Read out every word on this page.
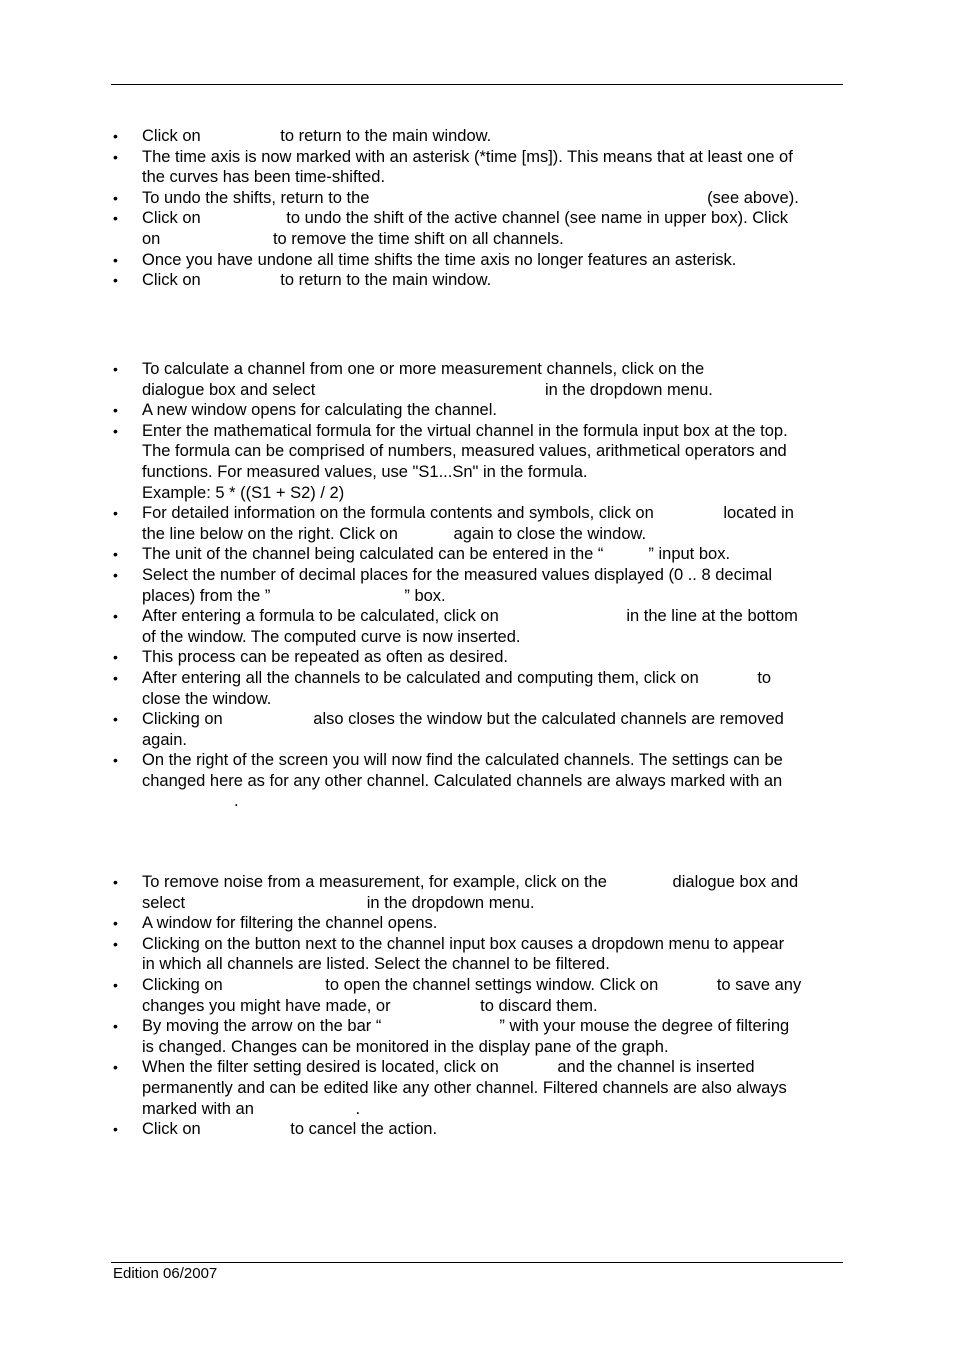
• Click on	to return to the main window.

• The time axis is now marked with an asterisk (*time [ms]). This means that at least one of

the curves has been time-shifted.

• To undo the shifts, return to the	(see above).

• Click on	to undo the shift of the active channel (see name in upper box). Click

on	to remove the time shift on all channels.

• Once you have undone all time shifts the time axis no longer features an asterisk.

• Click on	to return to the main window.

• To calculate a channel from one or more measurement channels, click on the

dialogue box and select	in the dropdown menu.

• A new window opens for calculating the channel.

• Enter the mathematical formula for the virtual channel in the formula input box at the top.

The formula can be comprised of numbers, measured values, arithmetical operators and

functions. For measured values, use "S1...Sn" in the formula.

Example: 5 * ((S1 + S2) / 2)

• For detailed information on the formula contents and symbols, click on	located in

the line below on the right. Click on	again to close the window.

• The unit of the channel being calculated can be entered in the “	” input box.

• Select the number of decimal places for the measured values displayed (0 .. 8 decimal

places) from the ”	” box.

• After entering a formula to be calculated, click on	in the line at the bottom

of the window. The computed curve is now inserted.

• This process can be repeated as often as desired.

• After entering all the channels to be calculated and computing them, click on	to

close the window.

• Clicking on	also closes the window but the calculated channels are removed

again.

• On the right of the screen you will now find the calculated channels. The settings can be

changed here as for any other channel. Calculated channels are always marked with an

.

• To remove noise from a measurement, for example, click on the	dialogue box and

select	in the dropdown menu.

• A window for filtering the channel opens.

• Clicking on the button next to the channel input box causes a dropdown menu to appear

in which all channels are listed. Select the channel to be filtered.

• Clicking on	to open the channel settings window. Click on	to save any

changes you might have made, or	to discard them.

• By moving the arrow on the bar “	” with your mouse the degree of filtering

is changed. Changes can be monitored in the display pane of the graph.

• When the filter setting desired is located, click on	and the channel is inserted

permanently and can be edited like any other channel. Filtered channels are also always

marked with an	.

• Click on	to cancel the action.

Edition 06/2007
